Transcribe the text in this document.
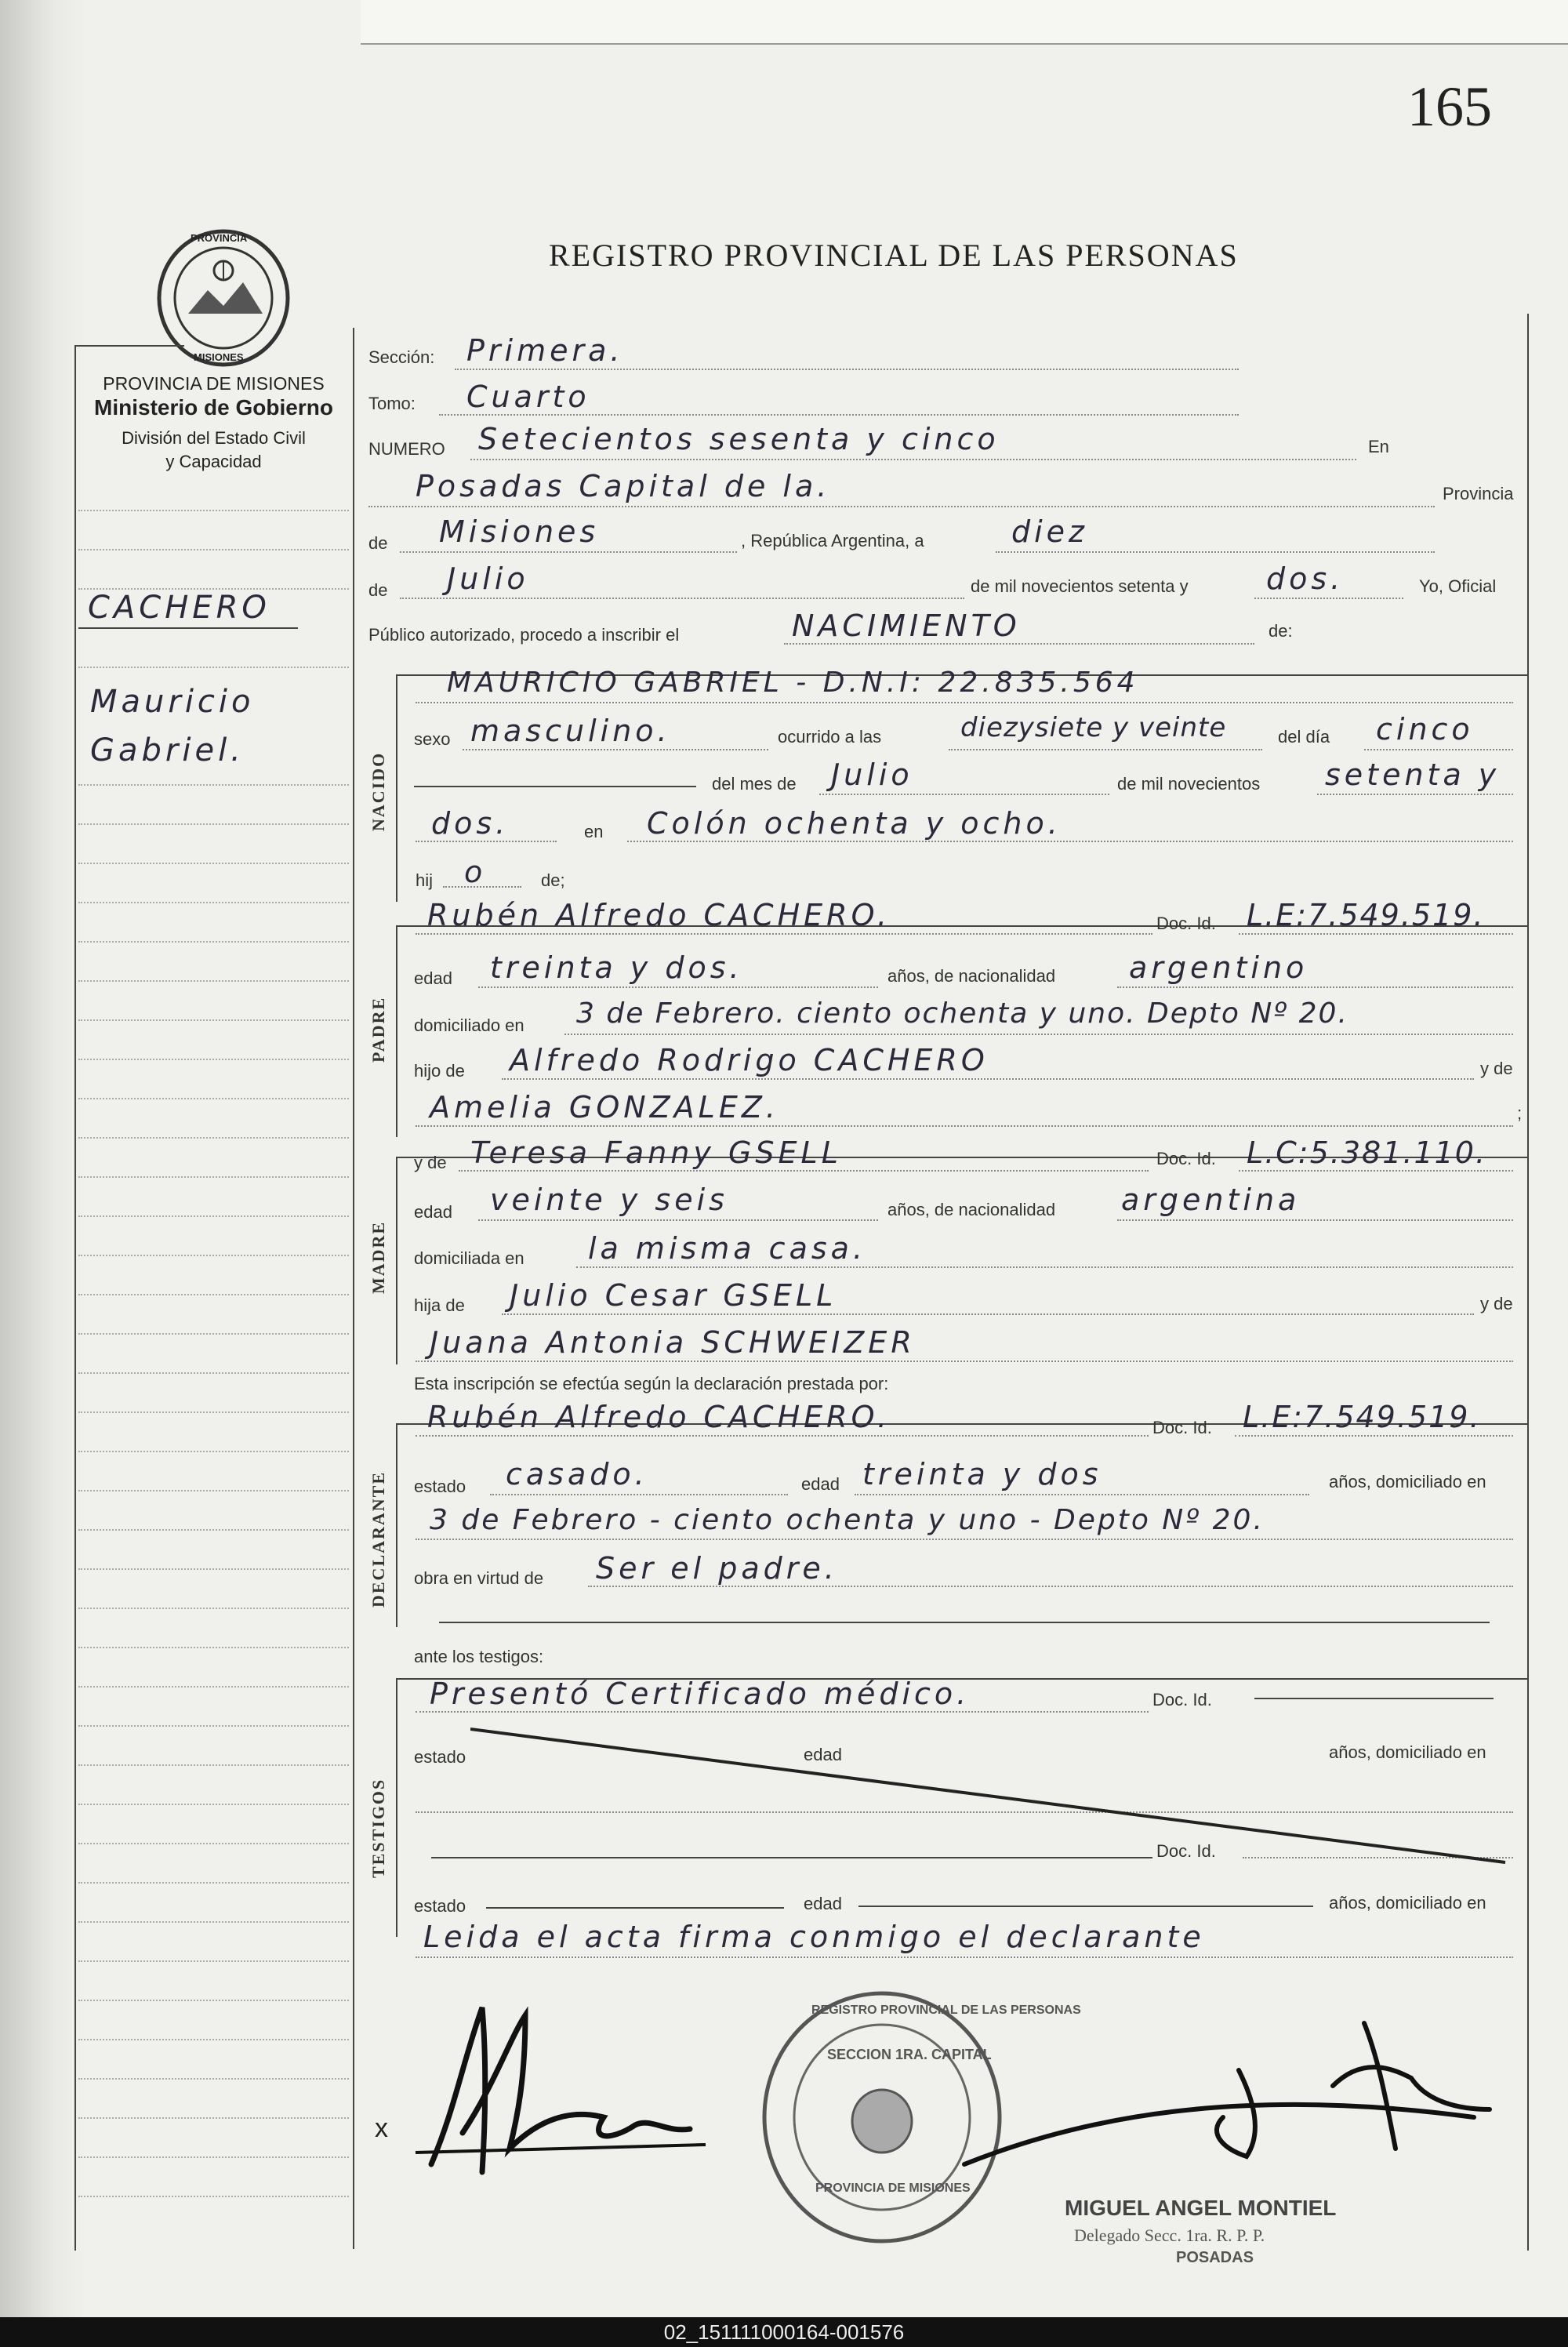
165
PROVINCIA
MISIONES
PROVINCIA DE MISIONES
Ministerio de Gobierno
División del Estado Civil
y Capacidad
REGISTRO PROVINCIAL DE LAS PERSONAS
CACHERO
Mauricio
Gabriel.
Sección: Primera.
Tomo: Cuarto
NUMERO Setecientos sesenta y cinco	En
Posadas Capital de la.	Provincia
de Misiones	, República Argentina, a	diez
de Julio	de mil novecientos setenta y	dos.	Yo, Oficial
Público autorizado, procedo a inscribir el	NACIMIENTO	de:
NACIDO
MAURICIO GABRIEL - D.N.I: 22.835.564
sexo masculino.	ocurrido a las	diezysiete y veinte	del día cinco
del mes de Julio	de mil novecientos setenta y
dos.	en Colón ochenta y ocho.
hij o	de;
PADRE
Rubén Alfredo CACHERO.	Doc. Id. L.E:7.549.519.
edad treinta y dos.	años, de nacionalidad argentino
domiciliado en 3 de Febrero. ciento ochenta y uno. Depto Nº 20.
hijo de Alfredo Rodrigo CACHERO	y de
Amelia GONZALEZ.	;
MADRE
y de Teresa Fanny GSELL	Doc. Id. L.C:5.381.110.
edad veinte y seis	años, de nacionalidad argentina
domiciliada en la misma casa.
hija de Julio Cesar GSELL	y de
Juana Antonia SCHWEIZER
Esta inscripción se efectúa según la declaración prestada por:
DECLARANTE
Rubén Alfredo CACHERO.	Doc. Id. L.E:7.549.519.
estado casado.	edad treinta y dos	años, domiciliado en
3 de Febrero - ciento ochenta y uno - Depto Nº 20.
obra en virtud de Ser el padre.
ante los testigos:
TESTIGOS
Presentó Certificado médico.	Doc. Id.
estado	edad	años, domiciliado en
Doc. Id.
estado	edad	años, domiciliado en
Leida el acta firma conmigo el declarante
x
REGISTRO PROVINCIAL DE LAS PERSONAS
SECCION 1RA. CAPITAL
PROVINCIA DE MISIONES
MIGUEL ANGEL MONTIEL
Delegado Secc. 1ra. R. P. P.
POSADAS
02_151111000164-001576
